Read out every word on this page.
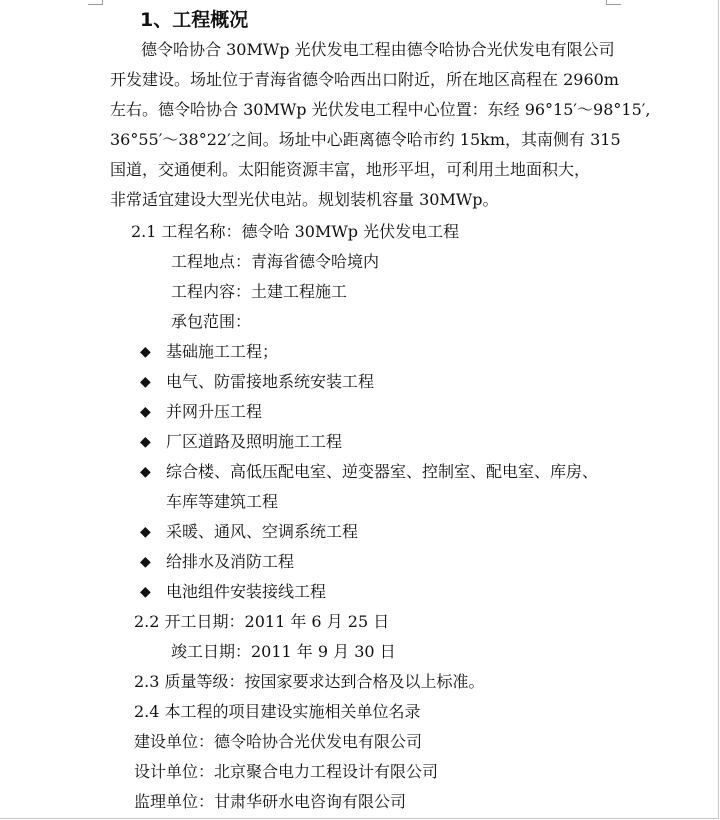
1、工程概况
德令哈协合 30MWp 光伏发电工程由德令哈协合光伏发电有限公司
开发建设。场址位于青海省德令哈西出口附近，所在地区高程在 2960m
左右。德令哈协合 30MWp 光伏发电工程中心位置：东经 96°15′～98°15′,
36°55′～38°22′之间。场址中心距离德令哈市约 15km，其南侧有 315
国道，交通便利。太阳能资源丰富，地形平坦，可利用土地面积大，
非常适宜建设大型光伏电站。规划装机容量 30MWp。
2.1 工程名称：德令哈 30MWp 光伏发电工程
工程地点：青海省德令哈境内
工程内容：土建工程施工
承包范围：
◆ 基础施工工程；
◆ 电气、防雷接地系统安装工程
◆ 并网升压工程
◆ 厂区道路及照明施工工程
◆ 综合楼、高低压配电室、逆变器室、控制室、配电室、库房、
车库等建筑工程
◆ 采暖、通风、空调系统工程
◆ 给排水及消防工程
◆ 电池组件安装接线工程
2.2 开工日期：2011 年 6 月 25 日
竣工日期：2011 年 9 月 30 日
2.3 质量等级：按国家要求达到合格及以上标准。
2.4 本工程的项目建设实施相关单位名录
建设单位：德令哈协合光伏发电有限公司
设计单位：北京聚合电力工程设计有限公司
监理单位：甘肃华研水电咨询有限公司
